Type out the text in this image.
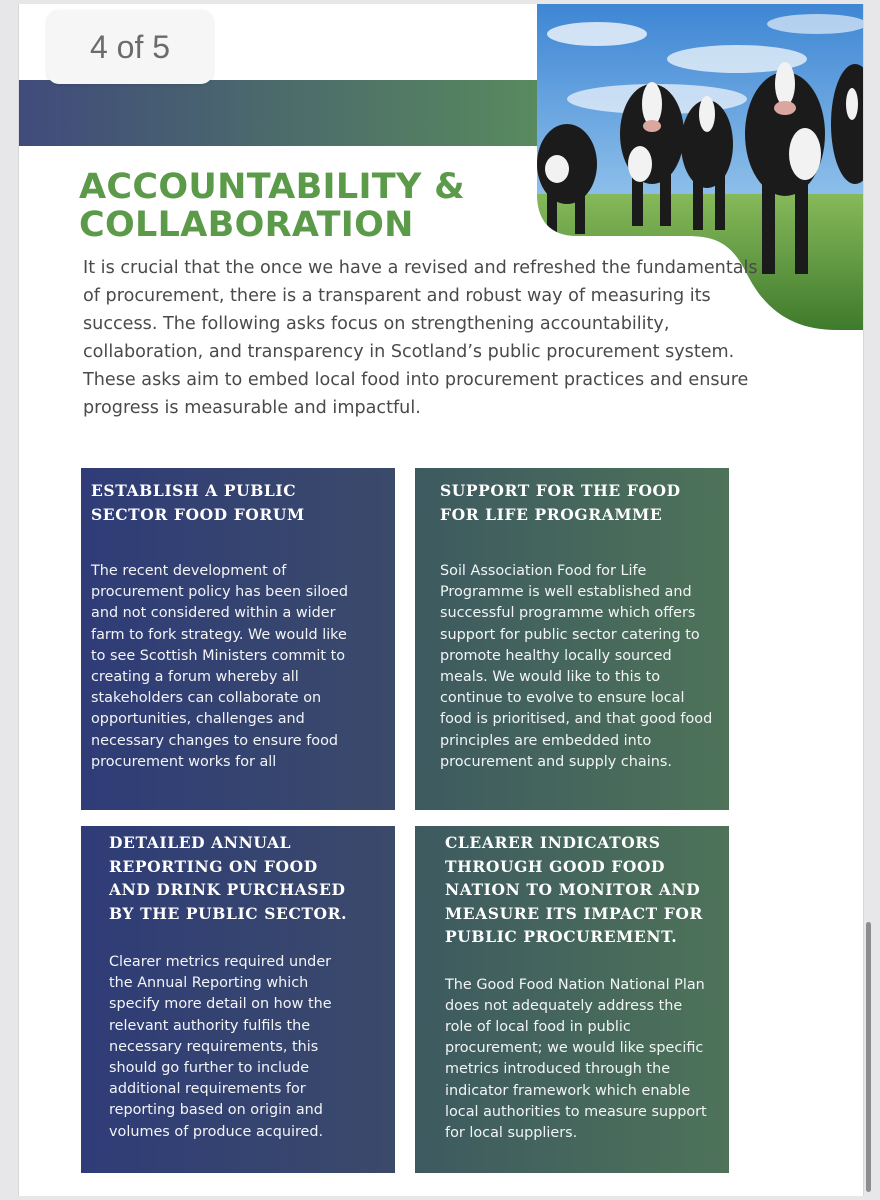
4 of 5
ACCOUNTABILITY &
COLLABORATION

It is crucial that the once we have a revised and refreshed the fundamentals of procurement, there is a transparent and robust way of measuring its success. The following asks focus on strengthening accountability, collaboration, and transparency in Scotland’s public procurement system. These asks aim to embed local food into procurement practices and ensure progress is measurable and impactful.

ESTABLISH A PUBLIC SECTOR FOOD FORUM

The recent development of procurement policy has been siloed and not considered within a wider farm to fork strategy. We would like to see Scottish Ministers commit to creating a forum whereby all stakeholders can collaborate on opportunities, challenges and necessary changes to ensure food procurement works for all

SUPPORT FOR THE FOOD FOR LIFE PROGRAMME

Soil Association Food for Life Programme is well established and successful programme which offers support for public sector catering to promote healthy locally sourced meals. We would like to this to continue to evolve to ensure local food is prioritised, and that good food principles are embedded into procurement and supply chains.

DETAILED ANNUAL REPORTING ON FOOD AND DRINK PURCHASED BY THE PUBLIC SECTOR.

Clearer metrics required under the Annual Reporting which specify more detail on how the relevant authority fulfils the necessary requirements, this should go further to include additional requirements for reporting based on origin and volumes of produce acquired.

CLEARER INDICATORS THROUGH GOOD FOOD NATION TO MONITOR AND MEASURE ITS IMPACT FOR PUBLIC PROCUREMENT.

The Good Food Nation National Plan does not adequately address the role of local food in public procurement; we would like specific metrics introduced through the indicator framework which enable local authorities to measure support for local suppliers.
